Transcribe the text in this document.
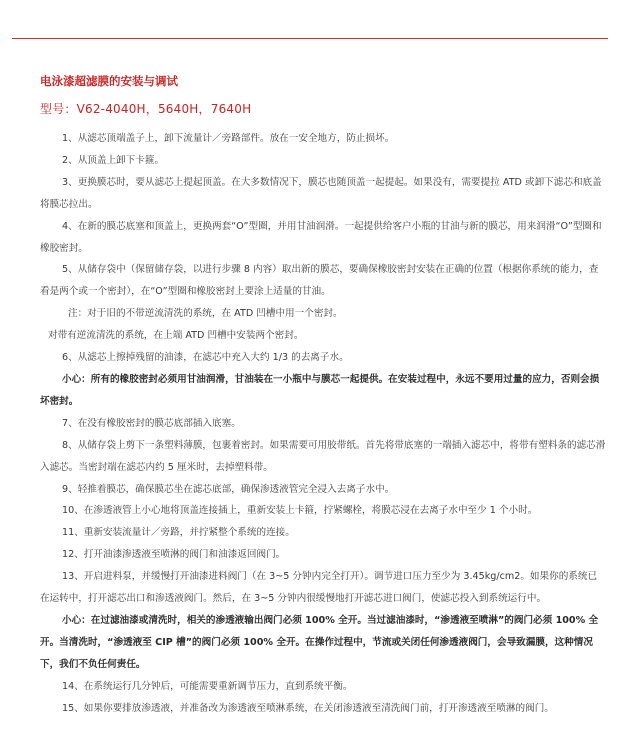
电泳漆超滤膜的安装与调试
型号：V62-4040H，5640H，7640H

1、从滤芯顶端盖子上，卸下流量计／旁路部件。放在一安全地方，防止损坏。

2、从顶盖上卸下卡箍。

3、更换膜芯时，要从滤芯上提起顶盖。在大多数情况下，膜芯也随顶盖一起提起。如果没有，需要提拉 ATD 或卸下滤芯和底盖将膜芯拉出。

4、在新的膜芯底塞和顶盖上，更换两套“O”型圈，并用甘油润滑。一起提供给客户小瓶的甘油与新的膜芯，用来润滑“O”型圈和橡胶密封。

5、从储存袋中（保留储存袋，以进行步骤 8 内容）取出新的膜芯，要确保橡胶密封安装在正确的位置（根据你系统的能力，查看是两个或一个密封），在“O”型圈和橡胶密封上要涂上适量的甘油。

注：对于旧的不带逆流清洗的系统，在 ATD 凹槽中用一个密封。

对带有逆流清洗的系统，在上端 ATD 凹槽中安装两个密封。

6、从滤芯上擦掉残留的油漆，在滤芯中充入大约 1/3 的去离子水。

小心：所有的橡胶密封必须用甘油润滑，甘油装在一小瓶中与膜芯一起提供。在安装过程中，永远不要用过量的应力，否则会损坏密封。

7、在没有橡胶密封的膜芯底部插入底塞。

8、从储存袋上剪下一条塑料薄膜，包裹着密封。如果需要可用胶带纸。首先将带底塞的一端插入滤芯中，将带有塑料条的滤芯滑入滤芯。当密封端在滤芯内约 5 厘米时，去掉塑料带。

9、轻推着膜芯，确保膜芯坐在滤芯底部，确保渗透液管完全浸入去离子水中。

10、在渗透液管上小心地将顶盖连接插上，重新安装上卡箍，拧紧螺栓，将膜芯浸在去离子水中至少 1 个小时。

11、重新安装流量计／旁路，并拧紧整个系统的连接。

12、打开油漆渗透液至喷淋的阀门和油漆返回阀门。

13、开启进料泵，并缓慢打开油漆进料阀门（在 3~5 分钟内完全打开）。调节进口压力至少为 3.45kg/cm2。如果你的系统已在运转中，打开滤芯出口和渗透液阀门。然后，在 3~5 分钟内很缓慢地打开滤芯进口阀门，使滤芯投入到系统运行中。

小心：在过滤油漆或清洗时，相关的渗透液输出阀门必须 100% 全开。当过滤油漆时，“渗透液至喷淋”的阀门必须 100% 全开。当清洗时，“渗透液至 CIP 槽”的阀门必须 100% 全开。在操作过程中，节流或关闭任何渗透液阀门，会导致漏膜，这种情况下，我们不负任何责任。

14、在系统运行几分钟后，可能需要重新调节压力，直到系统平衡。

15、如果你要排放渗透液，并准备改为渗透液至喷淋系统，在关闭渗透液至清洗阀门前，打开渗透液至喷淋的阀门。
